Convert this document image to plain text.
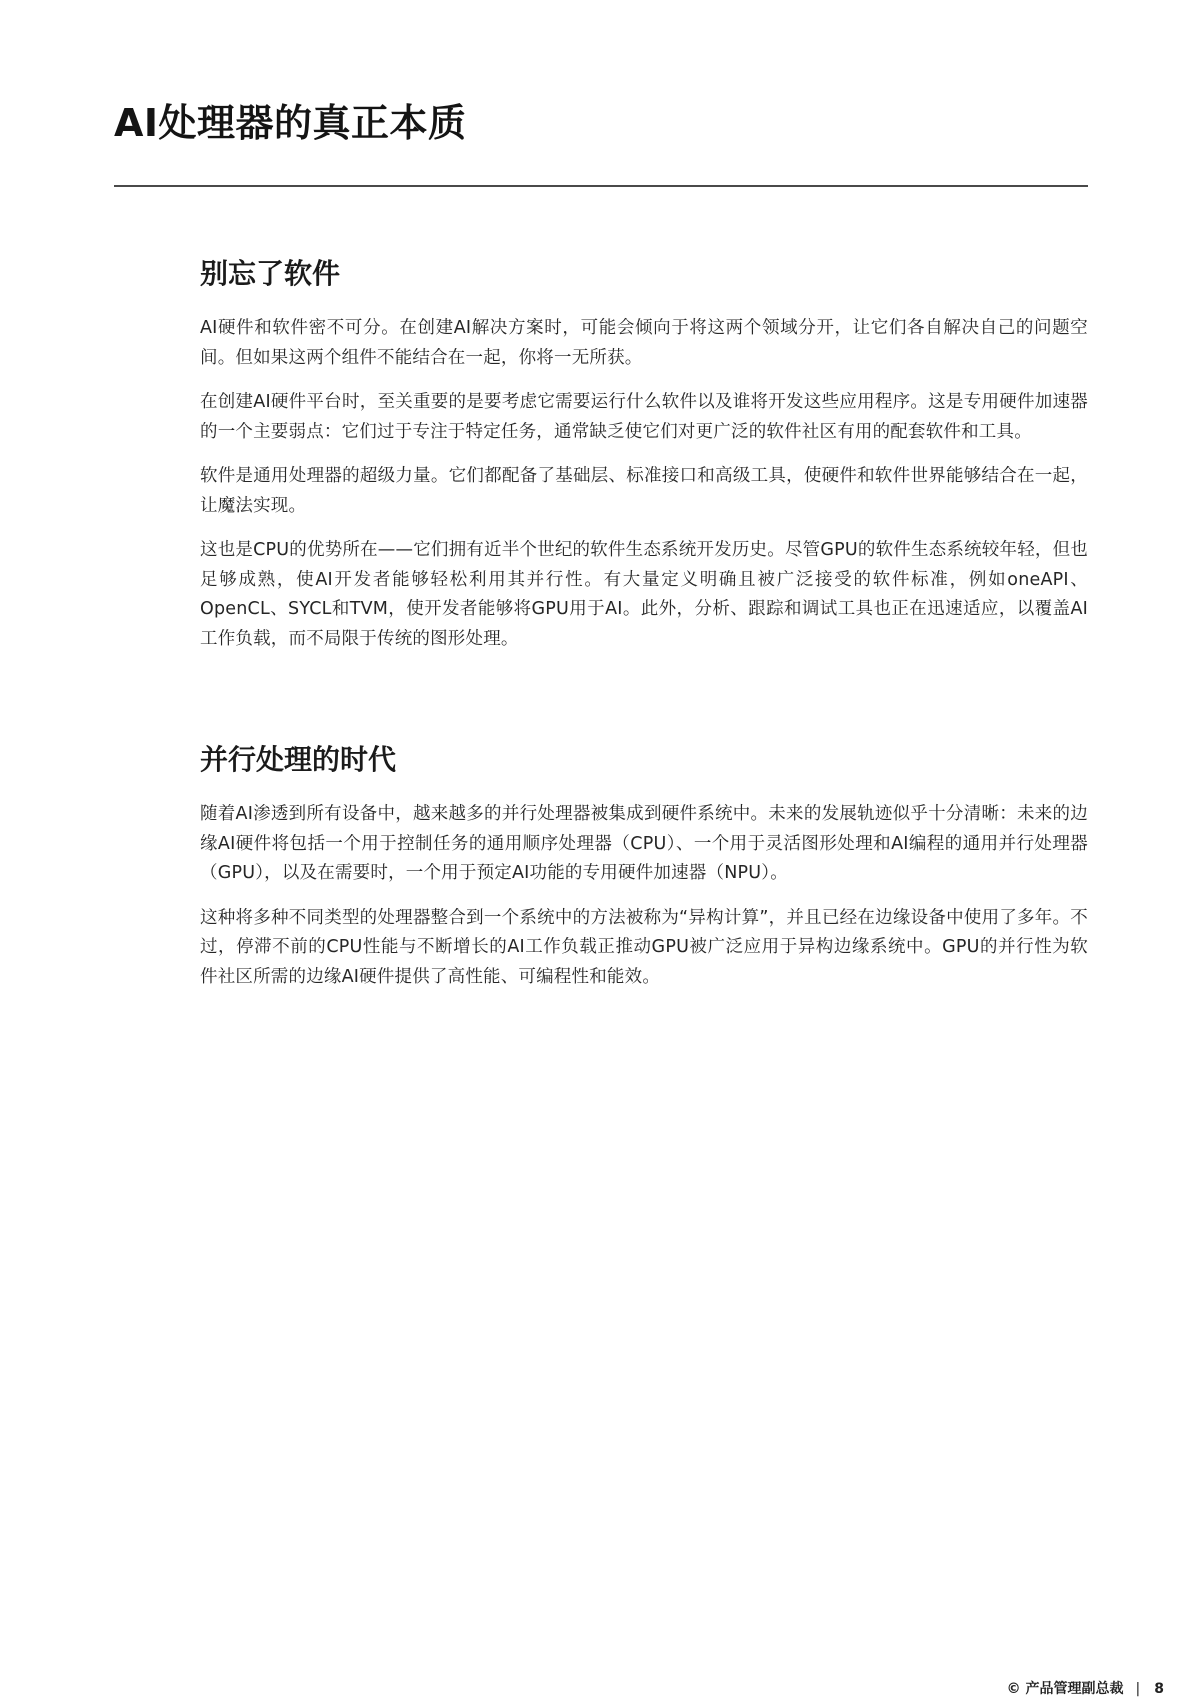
AI处理器的真正本质
别忘了软件

AI硬件和软件密不可分。在创建AI解决方案时，可能会倾向于将这两个领域分开，让它们各自解决自己的问题空间。但如果这两个组件不能结合在一起，你将一无所获。

在创建AI硬件平台时，至关重要的是要考虑它需要运行什么软件以及谁将开发这些应用程序。这是专用硬件加速器的一个主要弱点：它们过于专注于特定任务，通常缺乏使它们对更广泛的软件社区有用的配套软件和工具。

软件是通用处理器的超级力量。它们都配备了基础层、标准接口和高级工具，使硬件和软件世界能够结合在一起，让魔法实现。

这也是CPU的优势所在——它们拥有近半个世纪的软件生态系统开发历史。尽管GPU的软件生态系统较年轻，但也足够成熟，使AI开发者能够轻松利用其并行性。有大量定义明确且被广泛接受的软件标准，例如oneAPI、OpenCL、SYCL和TVM，使开发者能够将GPU用于AI。此外，分析、跟踪和调试工具也正在迅速适应，以覆盖AI工作负载，而不局限于传统的图形处理。

并行处理的时代

随着AI渗透到所有设备中，越来越多的并行处理器被集成到硬件系统中。未来的发展轨迹似乎十分清晰：未来的边缘AI硬件将包括一个用于控制任务的通用顺序处理器（CPU）、一个用于灵活图形处理和AI编程的通用并行处理器（GPU），以及在需要时，一个用于预定AI功能的专用硬件加速器（NPU）。

这种将多种不同类型的处理器整合到一个系统中的方法被称为“异构计算”，并且已经在边缘设备中使用了多年。不过，停滞不前的CPU性能与不断增长的AI工作负载正推动GPU被广泛应用于异构边缘系统中。GPU的并行性为软件社区所需的边缘AI硬件提供了高性能、可编程性和能效。

© 产品管理副总裁 | 8
